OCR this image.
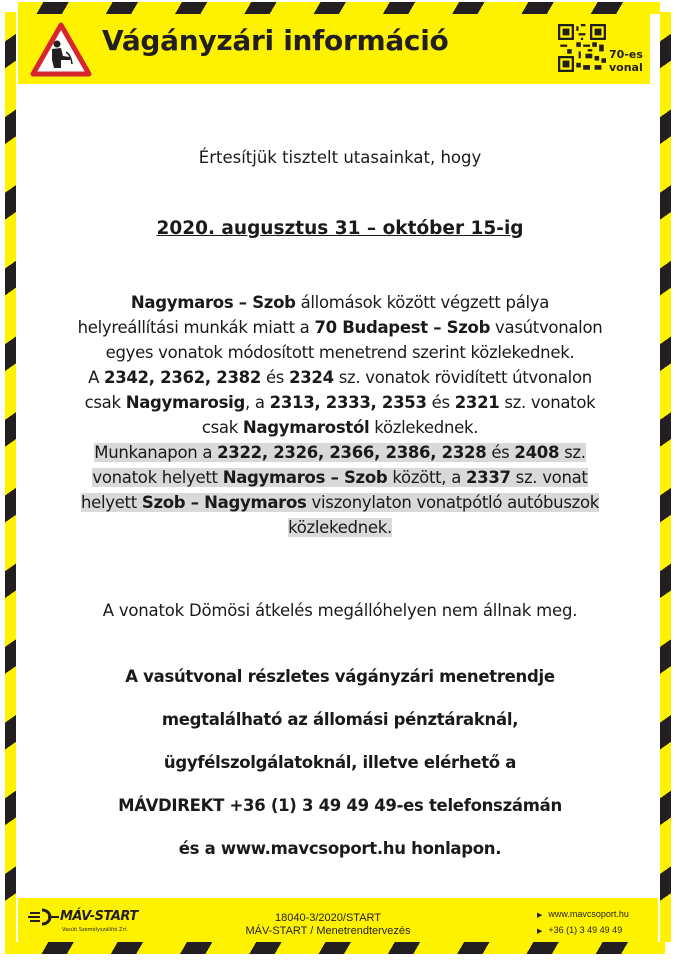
Vágányzári információ	70-es
vonal
Értesítjük tisztelt utasainkat, hogy
2020. augusztus 31 – október 15-ig
Nagymaros – Szob állomások között végzett pálya
helyreállítási munkák miatt a 70 Budapest – Szob vasútvonalon
egyes vonatok módosított menetrend szerint közlekednek.
A 2342, 2362, 2382 és 2324 sz. vonatok rövidített útvonalon
csak Nagymarosig, a 2313, 2333, 2353 és 2321 sz. vonatok
csak Nagymarostól közlekednek.
Munkanapon a 2322, 2326, 2366, 2386, 2328 és 2408 sz.
vonatok helyett Nagymaros – Szob között, a 2337 sz. vonat
helyett Szob – Nagymaros viszonylaton vonatpótló autóbuszok
közlekednek.
A vonatok Dömösi átkelés megállóhelyen nem állnak meg.
A vasútvonal részletes vágányzári menetrendje
megtalálható az állomási pénztáraknál,
ügyfélszolgálatoknál, illetve elérhető a
MÁVDIREKT +36 (1) 3 49 49 49-es telefonszámán
és a www.mavcsoport.hu honlapon.
MÁV-START
Vasúti Személyszállító Zrt.
18040-3/2020/START
MÁV-START / Menetrendtervezés
▶ www.mavcsoport.hu
▶ +36 (1) 3 49 49 49
